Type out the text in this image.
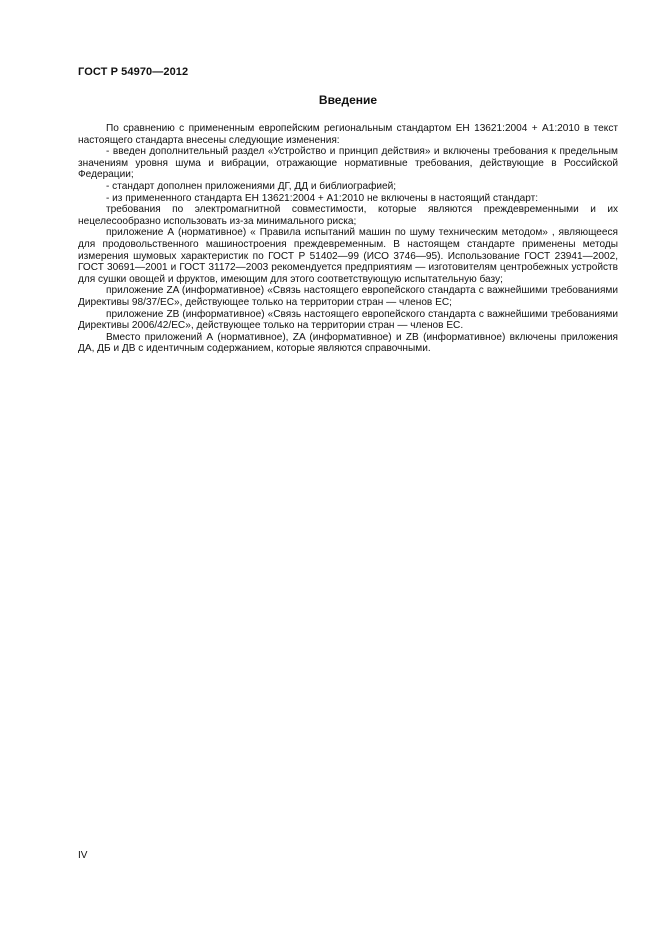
ГОСТ Р 54970—2012
Введение

По сравнению с примененным европейским региональным стандартом ЕН 13621:2004 + А1:2010 в текст настоящего стандарта внесены следующие изменения:

- введен дополнительный раздел «Устройство и принцип действия» и включены требования к предельным значениям уровня шума и вибрации, отражающие нормативные требования, действующие в Российской Федерации;

- стандарт дополнен приложениями ДГ, ДД и библиографией;

- из примененного стандарта ЕН 13621:2004 + А1:2010 не включены в настоящий стандарт:

требования по электромагнитной совместимости, которые являются преждевременными и их нецелесообразно использовать из-за минимального риска;

приложение А (нормативное) « Правила испытаний машин по шуму техническим методом» , являющееся для продовольственного машиностроения преждевременным. В настоящем стандарте применены методы измерения шумовых характеристик по ГОСТ Р 51402—99 (ИСО 3746—95). Использование ГОСТ 23941—2002, ГОСТ 30691—2001 и ГОСТ 31172—2003 рекомендуется предприятиям — изготовителям центробежных устройств для сушки овощей и фруктов, имеющим для этого соответствующую испытательную базу;

приложение ZA (информативное) «Связь настоящего европейского стандарта с важнейшими требованиями Директивы 98/37/ЕС», действующее только на территории стран — членов ЕС;

приложение ZB (информативное) «Связь настоящего европейского стандарта с важнейшими требованиями Директивы 2006/42/ЕС», действующее только на территории стран — членов ЕС.

Вместо приложений А (нормативное), ZA (информативное) и ZB (информативное) включены приложения ДА, ДБ и ДВ с идентичным содержанием, которые являются справочными.

IV
